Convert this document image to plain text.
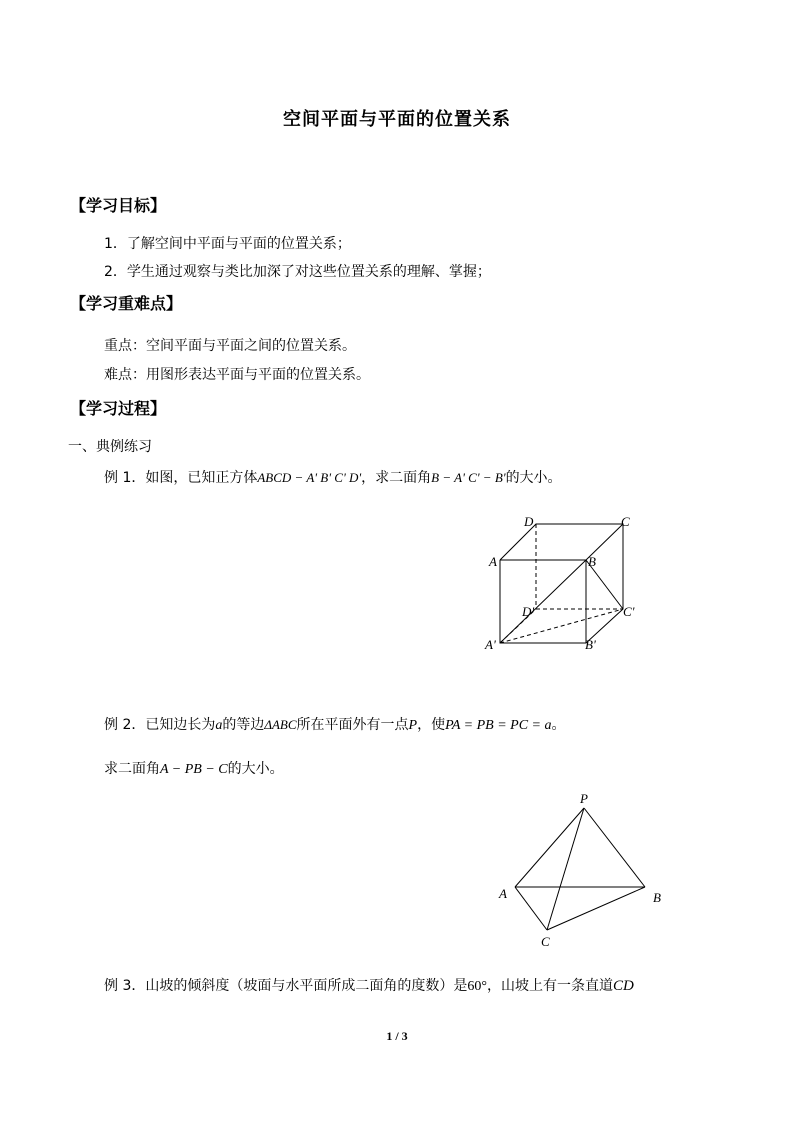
空间平面与平面的位置关系
【学习目标】
1．了解空间中平面与平面的位置关系；
2．学生通过观察与类比加深了对这些位置关系的理解、掌握；
【学习重难点】
重点：空间平面与平面之间的位置关系。
难点：用图形表达平面与平面的位置关系。
【学习过程】
一、典例练习
例 1．如图，已知正方体ABCD − A' B' C' D'，求二面角B − A' C' − B'的大小。
D	C
A	B
D'	C'
A'	B'
例 2．已知边长为a的等边ΔABC所在平面外有一点P，使PA = PB = PC = a。
求二面角A − PB − C的大小。
P
A	B
C
例 3．山坡的倾斜度（坡面与水平面所成二面角的度数）是60°，山坡上有一条直道CD
1 / 3
